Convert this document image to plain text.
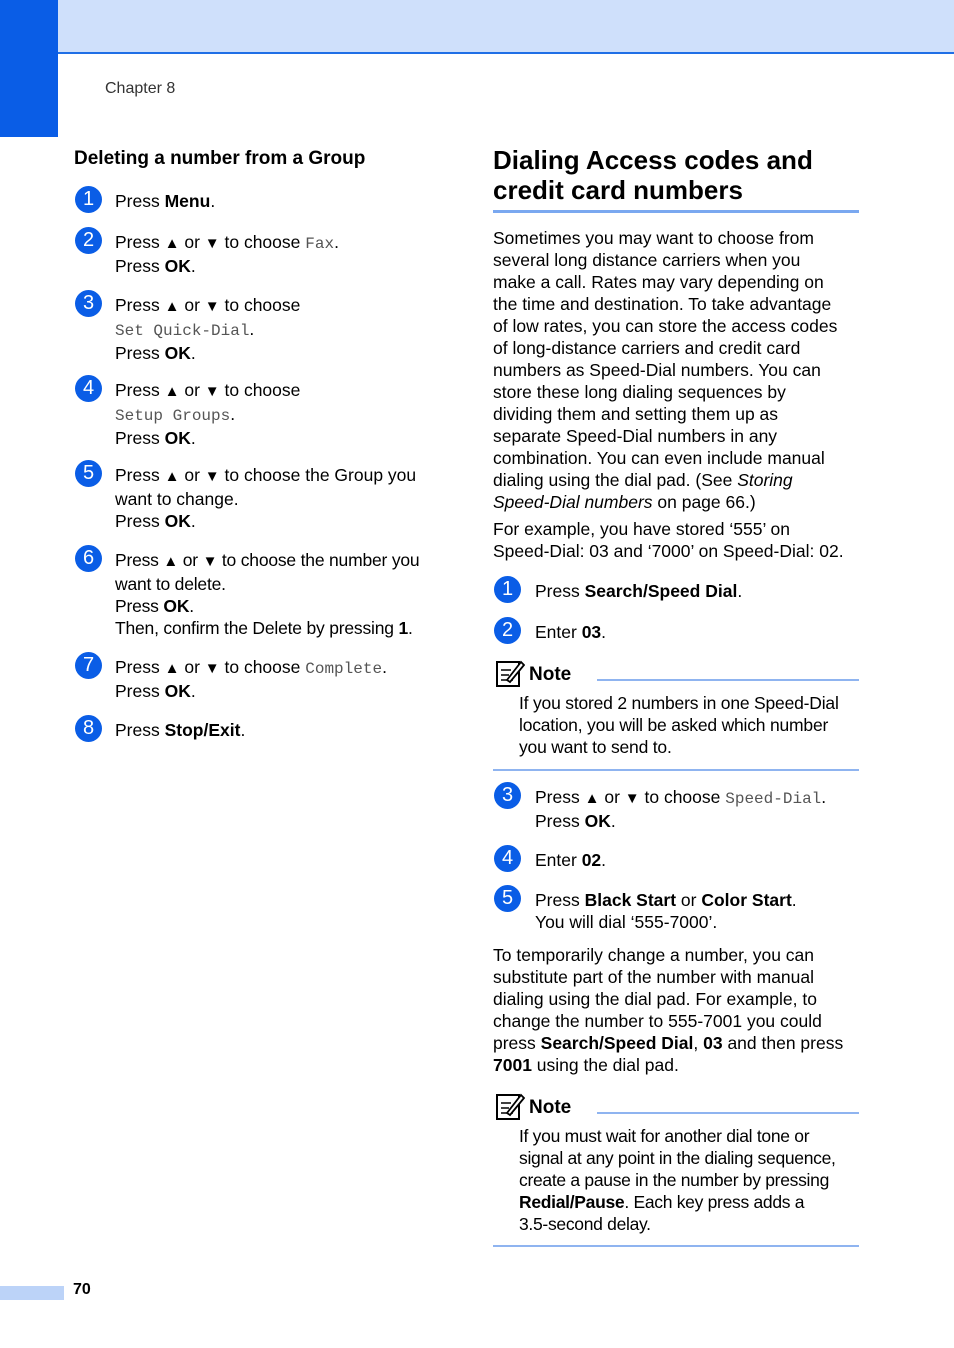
Chapter 8
Deleting a number from a Group
1	Press Menu.
2	Press ▲ or ▼ to choose Fax.
Press OK.
3	Press ▲ or ▼ to choose
Set Quick-Dial.
Press OK.
4	Press ▲ or ▼ to choose
Setup Groups.
Press OK.
5	Press ▲ or ▼ to choose the Group you
want to change.
Press OK.
6	Press ▲ or ▼ to choose the number you
want to delete.
Press OK.
Then, confirm the Delete by pressing 1.
7	Press ▲ or ▼ to choose Complete.
Press OK.
8	Press Stop/Exit.
Dialing Access codes and
credit card numbers
Sometimes you may want to choose from
several long distance carriers when you
make a call. Rates may vary depending on
the time and destination. To take advantage
of low rates, you can store the access codes
of long-distance carriers and credit card
numbers as Speed-Dial numbers. You can
store these long dialing sequences by
dividing them and setting them up as
separate Speed-Dial numbers in any
combination. You can even include manual
dialing using the dial pad. (See Storing
Speed-Dial numbers on page 66.)
For example, you have stored ‘555’ on
Speed-Dial: 03 and ‘7000’ on Speed-Dial: 02.
1	Press Search/Speed Dial.
2	Enter 03.
Note
If you stored 2 numbers in one Speed-Dial
location, you will be asked which number
you want to send to.
3	Press ▲ or ▼ to choose Speed-Dial.
Press OK.
4	Enter 02.
5	Press Black Start or Color Start.
You will dial ‘555-7000’.
To temporarily change a number, you can
substitute part of the number with manual
dialing using the dial pad. For example, to
change the number to 555-7001 you could
press Search/Speed Dial, 03 and then press
7001 using the dial pad.
Note
If you must wait for another dial tone or
signal at any point in the dialing sequence,
create a pause in the number by pressing
Redial/Pause. Each key press adds a
3.5-second delay.
70
